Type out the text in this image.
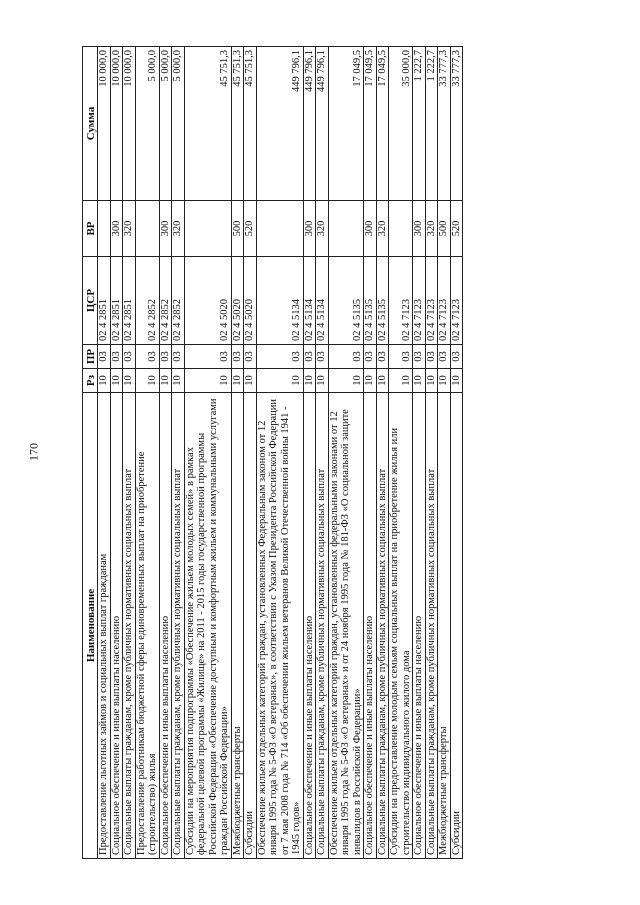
170
Наименование	Рз	ПР	ЦСР	ВР	Сумма
Предоставление льготных займов и социальных выплат гражданам	10	03	02 4 2851		10 000,0
Социальное обеспечение и иные выплаты населению	10	03	02 4 2851	300	10 000,0
Социальные выплаты гражданам, кроме публичных нормативных социальных выплат	10	03	02 4 2851	320	10 000,0
Предоставление работникам бюджетной сферы единовременных выплат на приобретение (строительство) жилья	10	03	02 4 2852		5 000,0
Социальное обеспечение и иные выплаты населению	10	03	02 4 2852	300	5 000,0
Социальные выплаты гражданам, кроме публичных нормативных социальных выплат	10	03	02 4 2852	320	5 000,0
Субсидии на мероприятия подпрограммы «Обеспечение жильем молодых семей» в рамках федеральной целевой программы «Жилище» на 2011 - 2015 годы государственной программы Российской Федерации «Обеспечение доступным и комфортным жильем и коммунальными услугами граждан Российской Федерации»	10	03	02 4 5020		45 751,3
Межбюджетные трансферты	10	03	02 4 5020	500	45 751,3
Субсидии	10	03	02 4 5020	520	45 751,3
Обеспечение жильем отдельных категорий граждан, установленных Федеральным законом от 12 января 1995 года № 5-ФЗ «О ветеранах», в соответствии с Указом Президента Российской Федерации от 7 мая 2008 года № 714 «Об обеспечении жильем ветеранов Великой Отечественной войны 1941 - 1945 годов»	10	03	02 4 5134		449 796,1
Социальное обеспечение и иные выплаты населению	10	03	02 4 5134	300	449 796,1
Социальные выплаты гражданам, кроме публичных нормативных социальных выплат	10	03	02 4 5134	320	449 796,1
Обеспечение жильем отдельных категорий граждан, установленных федеральными законами от 12 января 1995 года № 5-ФЗ «О ветеранах» и от 24 ноября 1995 года № 181-ФЗ «О социальной защите инвалидов в Российской Федерации»	10	03	02 4 5135		17 049,5
Социальное обеспечение и иные выплаты населению	10	03	02 4 5135	300	17 049,5
Социальные выплаты гражданам, кроме публичных нормативных социальных выплат	10	03	02 4 5135	320	17 049,5
Субсидии на предоставление молодым семьям социальных выплат на приобретение жилья или строительство индивидуального жилого дома	10	03	02 4 7123		35 000,0
Социальное обеспечение и иные выплаты населению	10	03	02 4 7123	300	1 222,7
Социальные выплаты гражданам, кроме публичных нормативных социальных выплат	10	03	02 4 7123	320	1 222,7
Межбюджетные трансферты	10	03	02 4 7123	500	33 777,3
Субсидии	10	03	02 4 7123	520	33 777,3
